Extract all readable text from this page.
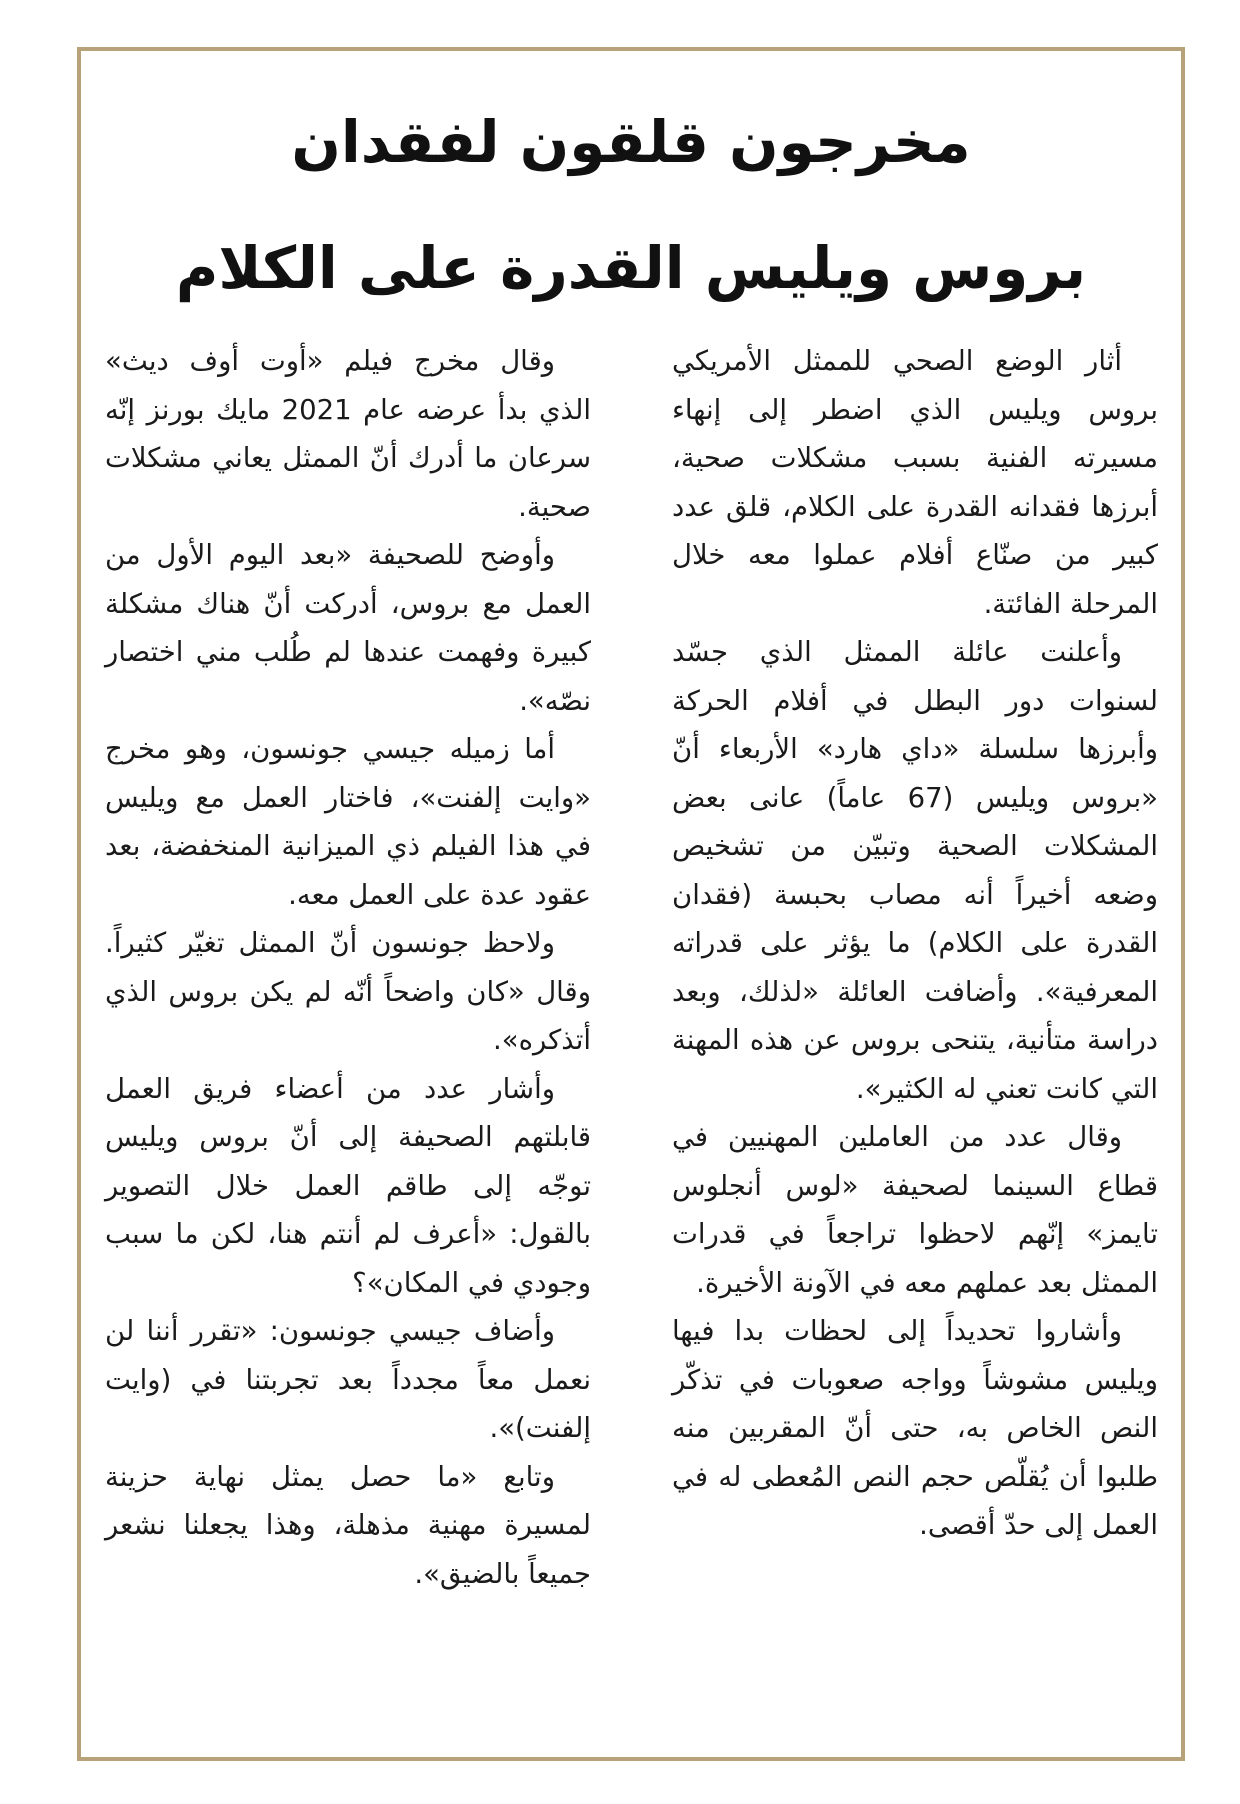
مخرجون قلقون لفقدان
بروس ويليس القدرة على الكلام

أثار الوضع الصحي للممثل الأمريكي بروس ويليس الذي اضطر إلى إنهاء مسيرته الفنية بسبب مشكلات صحية، أبرزها فقدانه القدرة على الكلام، قلق عدد كبير من صنّاع أفلام عملوا معه خلال المرحلة الفائتة.

وأعلنت عائلة الممثل الذي جسّد لسنوات دور البطل في أفلام الحركة وأبرزها سلسلة «داي هارد» الأربعاء أنّ «بروس ويليس (67 عاماً) عانى بعض المشكلات الصحية وتبيّن من تشخيص وضعه أخيراً أنه مصاب بحبسة (فقدان القدرة على الكلام) ما يؤثر على قدراته المعرفية». وأضافت العائلة «لذلك، وبعد دراسة متأنية، يتنحى بروس عن هذه المهنة التي كانت تعني له الكثير».

وقال عدد من العاملين المهنيين في قطاع السينما لصحيفة «لوس أنجلوس تايمز» إنّهم لاحظوا تراجعاً في قدرات الممثل بعد عملهم معه في الآونة الأخيرة.

وأشاروا تحديداً إلى لحظات بدا فيها ويليس مشوشاً وواجه صعوبات في تذكّر النص الخاص به، حتى أنّ المقربين منه طلبوا أن يُقلّص حجم النص المُعطى له في العمل إلى حدّ أقصى.

وقال مخرج فيلم «أوت أوف ديث» الذي بدأ عرضه عام 2021 مايك بورنز إنّه سرعان ما أدرك أنّ الممثل يعاني مشكلات صحية.

وأوضح للصحيفة «بعد اليوم الأول من العمل مع بروس، أدركت أنّ هناك مشكلة كبيرة وفهمت عندها لم طُلب مني اختصار نصّه».

أما زميله جيسي جونسون، وهو مخرج «وايت إلفنت»، فاختار العمل مع ويليس في هذا الفيلم ذي الميزانية المنخفضة، بعد عقود عدة على العمل معه.

ولاحظ جونسون أنّ الممثل تغيّر كثيراً. وقال «كان واضحاً أنّه لم يكن بروس الذي أتذكره».

وأشار عدد من أعضاء فريق العمل قابلتهم الصحيفة إلى أنّ بروس ويليس توجّه إلى طاقم العمل خلال التصوير بالقول: «أعرف لم أنتم هنا، لكن ما سبب وجودي في المكان»؟

وأضاف جيسي جونسون: «تقرر أننا لن نعمل معاً مجدداً بعد تجربتنا في (وايت إلفنت)».

وتابع «ما حصل يمثل نهاية حزينة لمسيرة مهنية مذهلة، وهذا يجعلنا نشعر جميعاً بالضيق».
